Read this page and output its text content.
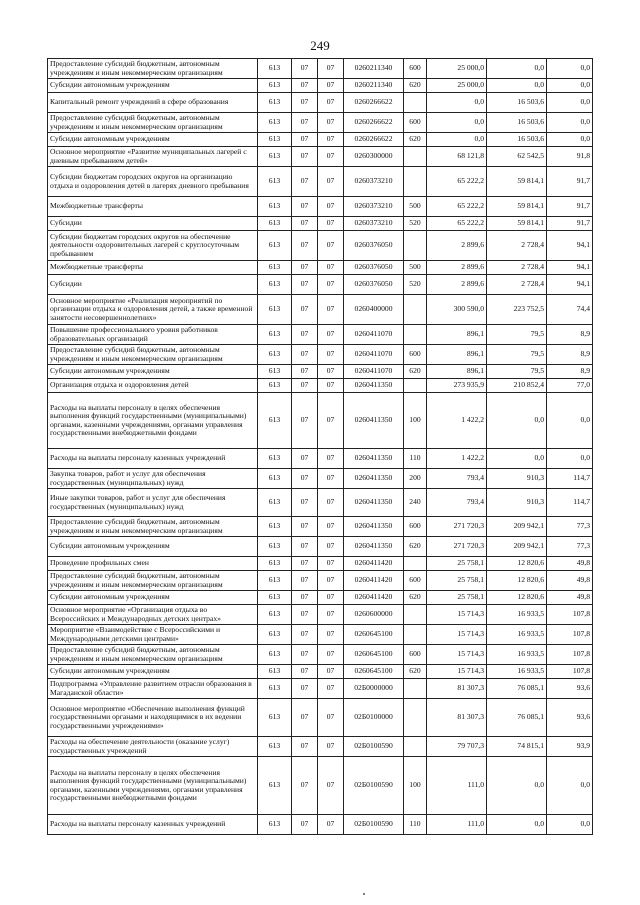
249
Предоставление субсидий бюджетным, автономным учреждениям и иным некоммерческим организациям	613	07	07	0260211340	600	25 000,0	0,0	0,0
Субсидии автономным учреждениям	613	07	07	0260211340	620	25 000,0	0,0	0,0
Капитальный ремонт учреждений в сфере образования	613	07	07	0260266622		0,0	16 503,6	0,0
Предоставление субсидий бюджетным, автономным учреждениям и иным некоммерческим организациям	613	07	07	0260266622	600	0,0	16 503,6	0,0
Субсидии автономным учреждениям	613	07	07	0260266622	620	0,0	16 503,6	0,0
Основное мероприятие «Развитие муниципальных лагерей с дневным пребыванием детей»	613	07	07	0260300000		68 121,8	62 542,5	91,8
Субсидии бюджетам городских округов на организацию отдыха и оздоровления детей в лагерях дневного пребывания	613	07	07	0260373210		65 222,2	59 814,1	91,7
Межбюджетные трансферты	613	07	07	0260373210	500	65 222,2	59 814,1	91,7
Субсидии	613	07	07	0260373210	520	65 222,2	59 814,1	91,7
Субсидии бюджетам городских округов на обеспечение деятельности оздоровительных лагерей с круглосуточным пребыванием	613	07	07	0260376050		2 899,6	2 728,4	94,1
Межбюджетные трансферты	613	07	07	0260376050	500	2 899,6	2 728,4	94,1
Субсидии	613	07	07	0260376050	520	2 899,6	2 728,4	94,1
Основное мероприятие «Реализация мероприятий по организации отдыха и оздоровления детей, а также временной занятости несовершеннолетних»	613	07	07	0260400000		300 590,0	223 752,5	74,4
Повышение профессионального уровня работников образовательных организаций	613	07	07	0260411070		896,1	79,5	8,9
Предоставление субсидий бюджетным, автономным учреждениям и иным некоммерческим организациям	613	07	07	0260411070	600	896,1	79,5	8,9
Субсидии автономным учреждениям	613	07	07	0260411070	620	896,1	79,5	8,9
Организация отдыха и оздоровления детей	613	07	07	0260411350		273 935,9	210 852,4	77,0
Расходы на выплаты персоналу в целях обеспечения выполнения функций государственными (муниципальными) органами, казенными учреждениями, органами управления государственными внебюджетными фондами	613	07	07	0260411350	100	1 422,2	0,0	0,0
Расходы на выплаты персоналу казенных учреждений	613	07	07	0260411350	110	1 422,2	0,0	0,0
Закупка товаров, работ и услуг для обеспечения государственных (муниципальных) нужд	613	07	07	0260411350	200	793,4	910,3	114,7
Иные закупки товаров, работ и услуг для обеспечения государственных (муниципальных) нужд	613	07	07	0260411350	240	793,4	910,3	114,7
Предоставление субсидий бюджетным, автономным учреждениям и иным некоммерческим организациям	613	07	07	0260411350	600	271 720,3	209 942,1	77,3
Субсидии автономным учреждениям	613	07	07	0260411350	620	271 720,3	209 942,1	77,3
Проведение профильных смен	613	07	07	0260411420		25 758,1	12 820,6	49,8
Предоставление субсидий бюджетным, автономным учреждениям и иным некоммерческим организациям	613	07	07	0260411420	600	25 758,1	12 820,6	49,8
Субсидии автономным учреждениям	613	07	07	0260411420	620	25 758,1	12 820,6	49,8
Основное мероприятие «Организация отдыха во Всероссийских и Международных детских центрах»	613	07	07	0260600000		15 714,3	16 933,5	107,8
Мероприятие «Взаимодействие с Всероссийскими и Международными детскими центрами»	613	07	07	0260645100		15 714,3	16 933,5	107,8
Предоставление субсидий бюджетным, автономным учреждениям и иным некоммерческим организациям	613	07	07	0260645100	600	15 714,3	16 933,5	107,8
Субсидии автономным учреждениям	613	07	07	0260645100	620	15 714,3	16 933,5	107,8
Подпрограмма «Управление развитием отрасли образования в Магаданской области»	613	07	07	02Б0000000		81 307,3	76 085,1	93,6
Основное мероприятие «Обеспечение выполнения функций государственными органами и находящимися в их ведении государственными учреждениями»	613	07	07	02Б0100000		81 307,3	76 085,1	93,6
Расходы на обеспечение деятельности (оказание услуг) государственных учреждений	613	07	07	02Б0100590		79 707,3	74 815,1	93,9
Расходы на выплаты персоналу в целях обеспечения выполнения функций государственными (муниципальными) органами, казенными учреждениями, органами управления государственными внебюджетными фондами	613	07	07	02Б0100590	100	111,0	0,0	0,0
Расходы на выплаты персоналу казенных учреждений	613	07	07	02Б0100590	110	111,0	0,0	0,0
